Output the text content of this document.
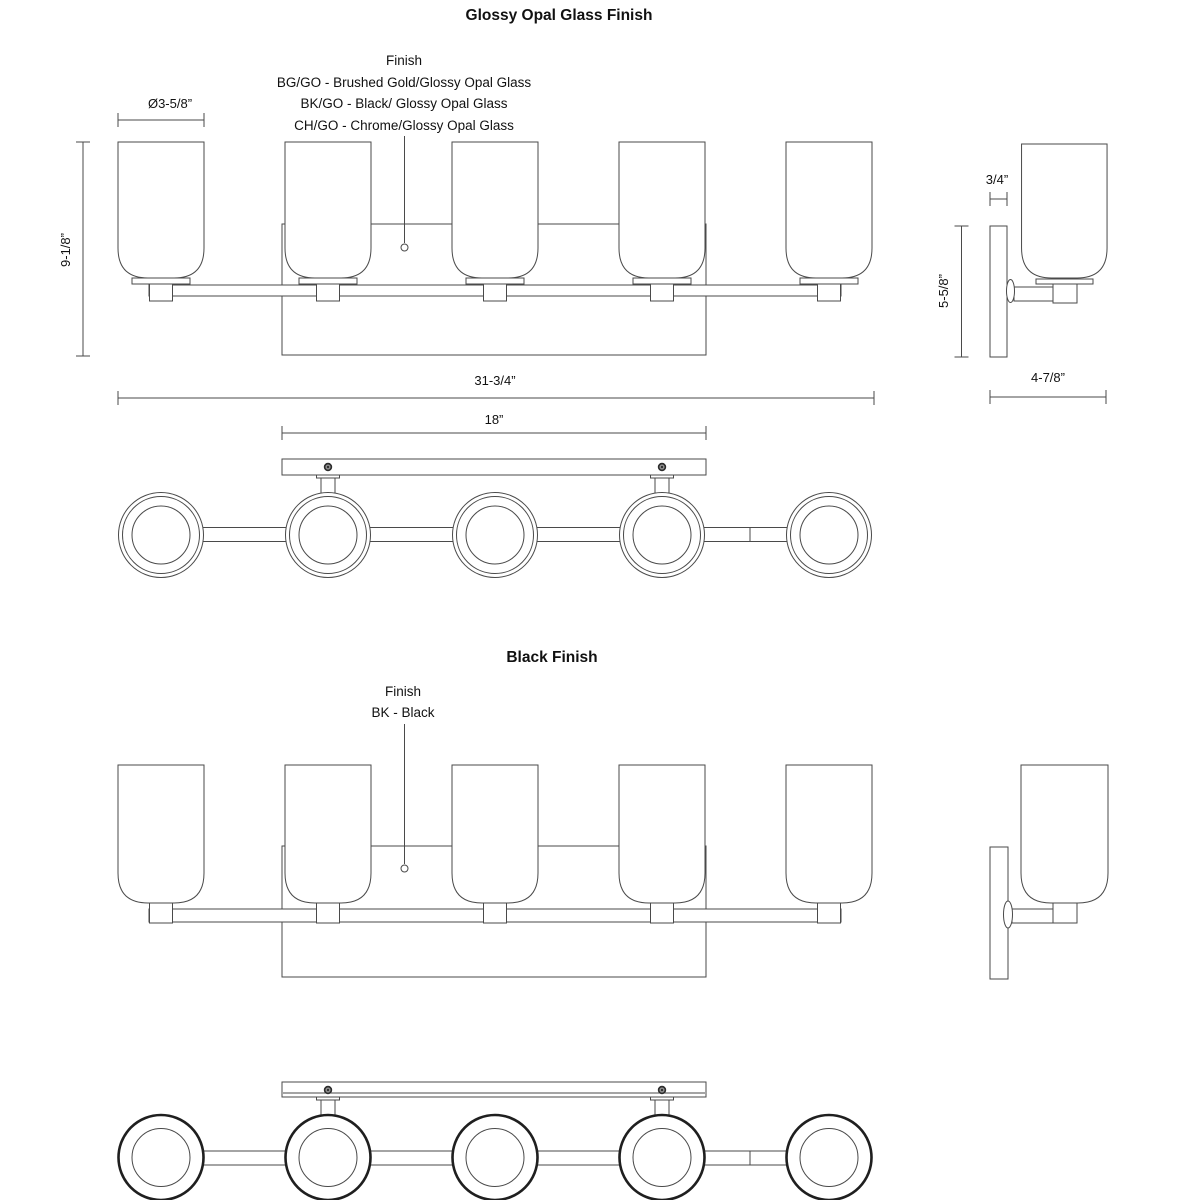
Glossy Opal Glass Finish
Finish
BG/GO - Brushed Gold/Glossy Opal Glass
BK/GO - Black/ Glossy Opal Glass
CH/GO - Chrome/Glossy Opal Glass
Ø3-5/8”
9-1/8”
31-3/4”
18”
3/4”
5-5/8”
4-7/8”
Black Finish
Finish
BK - Black
